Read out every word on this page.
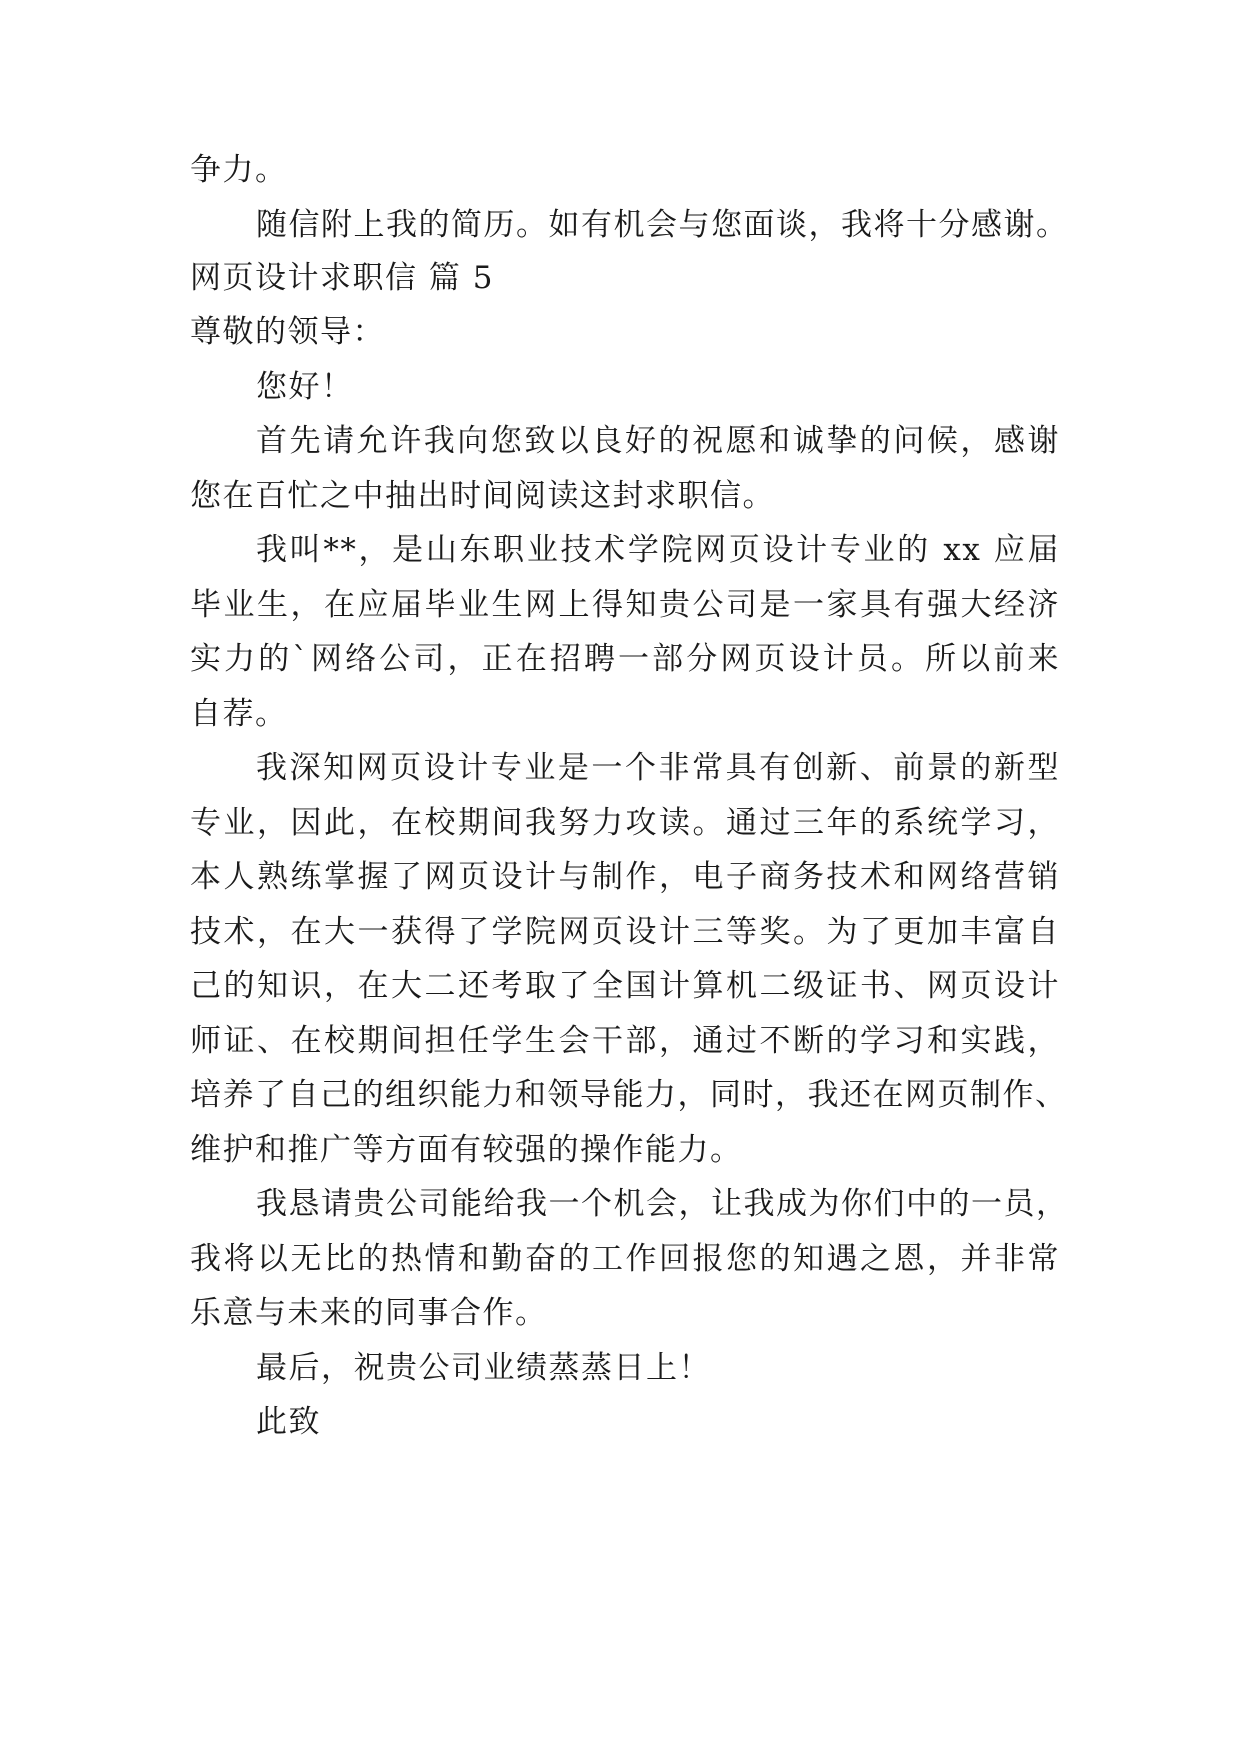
争力。
随信附上我的简历。如有机会与您面谈，我将十分感谢。
网页设计求职信 篇 5
尊敬的领导：
您好！
首先请允许我向您致以良好的祝愿和诚挚的问候，感谢
您在百忙之中抽出时间阅读这封求职信。
我叫**，是山东职业技术学院网页设计专业的 xx 应届
毕业生，在应届毕业生网上得知贵公司是一家具有强大经济
实力的`网络公司，正在招聘一部分网页设计员。所以前来
自荐。
我深知网页设计专业是一个非常具有创新、前景的新型
专业，因此，在校期间我努力攻读。通过三年的系统学习，
本人熟练掌握了网页设计与制作，电子商务技术和网络营销
技术，在大一获得了学院网页设计三等奖。为了更加丰富自
己的知识，在大二还考取了全国计算机二级证书、网页设计
师证、在校期间担任学生会干部，通过不断的学习和实践，
培养了自己的组织能力和领导能力，同时，我还在网页制作、
维护和推广等方面有较强的操作能力。
我恳请贵公司能给我一个机会，让我成为你们中的一员，
我将以无比的热情和勤奋的工作回报您的知遇之恩，并非常
乐意与未来的同事合作。
最后，祝贵公司业绩蒸蒸日上！
此致
